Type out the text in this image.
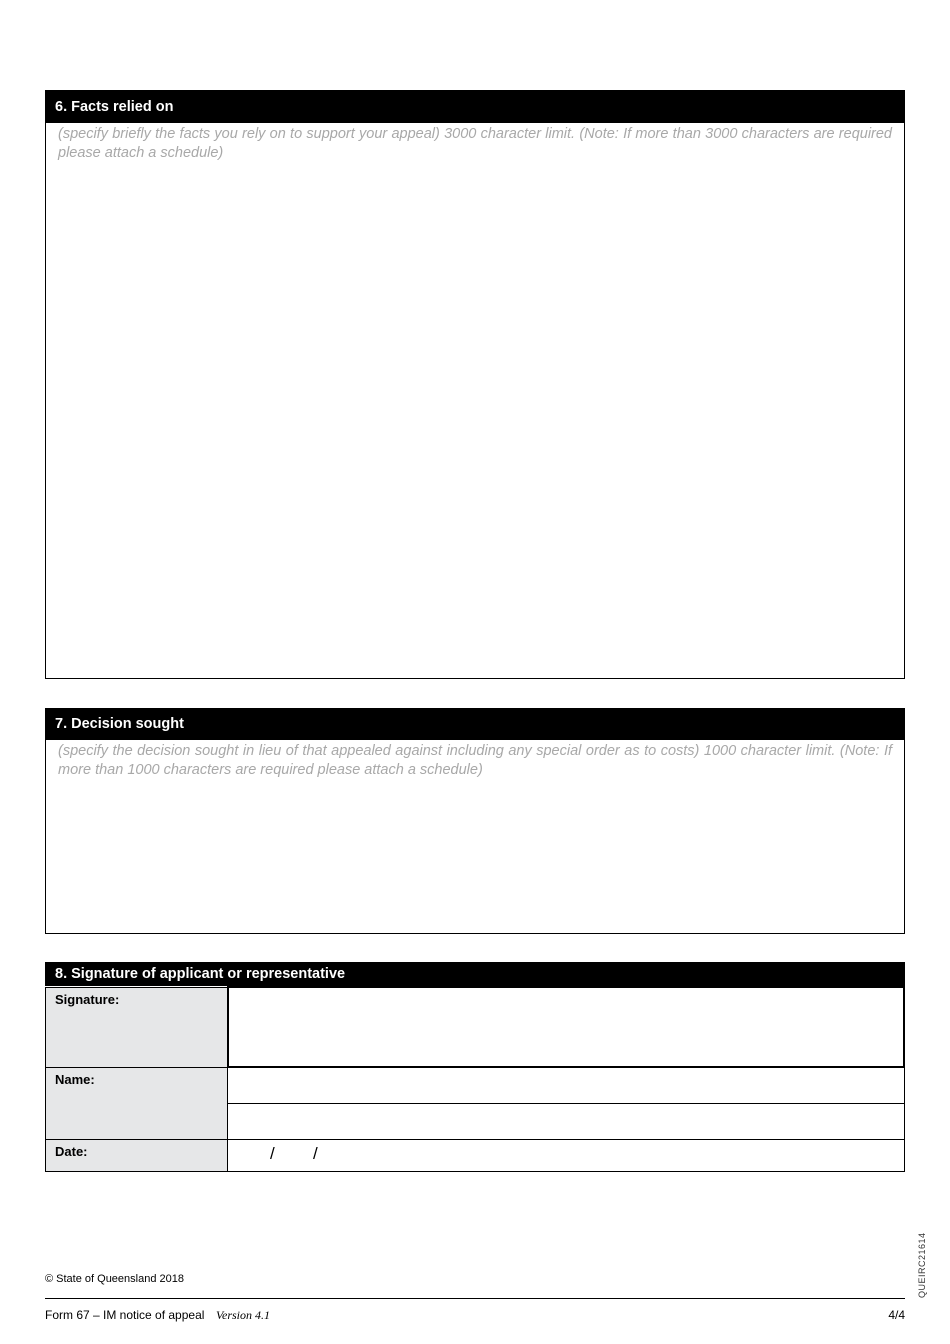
6. Facts relied on

(specify briefly the facts you rely on to support your appeal) 3000 character limit. (Note: If more than 3000 characters are required please attach a schedule)

7. Decision sought

(specify the decision sought in lieu of that appealed against including any special order as to costs) 1000 character limit. (Note: If more than 1000 characters are required please attach a schedule)

8. Signature of applicant or representative
Signature:	
Name:	

Date:	/ /
© State of Queensland 2018
Form 67 – IM notice of appeal Version 4.1	4/4
QUEIRC21614
